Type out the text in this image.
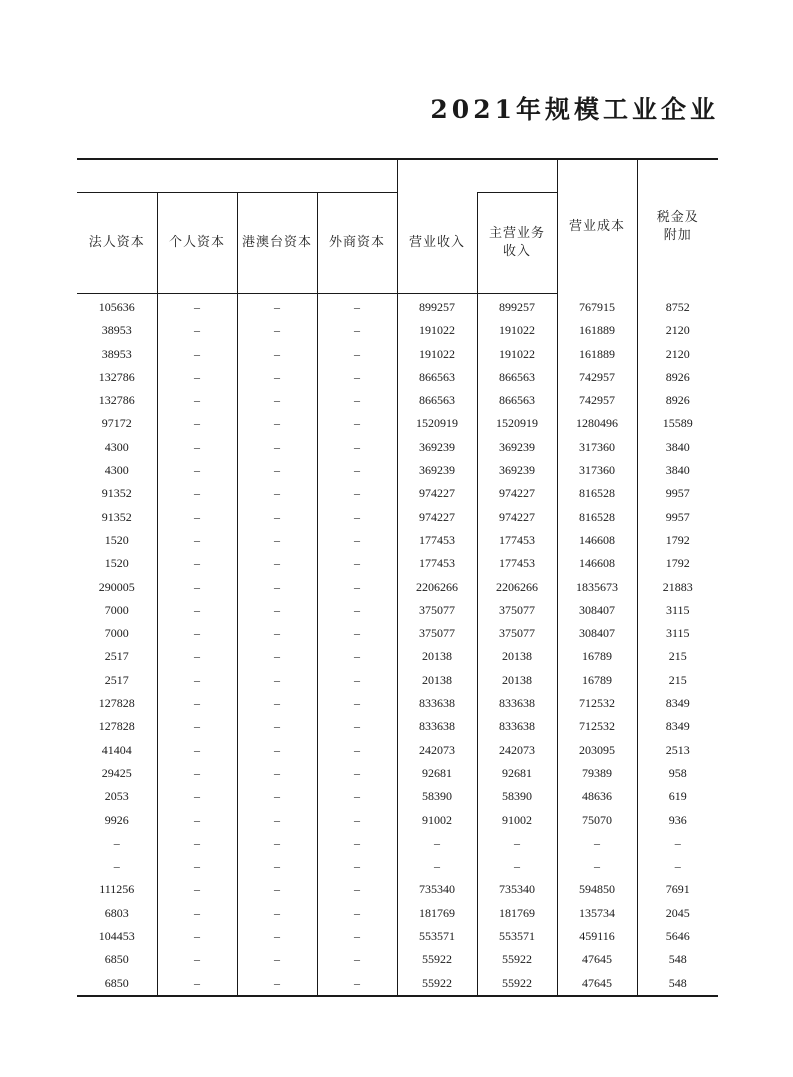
2021年规模工业企业
						营业成本	税金及
附加
法人资本	个人资本	港澳台资本	外商资本	营业收入	主营业务
收入		
105636	–	–	–	899257	899257	767915	8752
38953	–	–	–	191022	191022	161889	2120
38953	–	–	–	191022	191022	161889	2120
132786	–	–	–	866563	866563	742957	8926
132786	–	–	–	866563	866563	742957	8926
97172	–	–	–	1520919	1520919	1280496	15589
4300	–	–	–	369239	369239	317360	3840
4300	–	–	–	369239	369239	317360	3840
91352	–	–	–	974227	974227	816528	9957
91352	–	–	–	974227	974227	816528	9957
1520	–	–	–	177453	177453	146608	1792
1520	–	–	–	177453	177453	146608	1792
290005	–	–	–	2206266	2206266	1835673	21883
7000	–	–	–	375077	375077	308407	3115
7000	–	–	–	375077	375077	308407	3115
2517	–	–	–	20138	20138	16789	215
2517	–	–	–	20138	20138	16789	215
127828	–	–	–	833638	833638	712532	8349
127828	–	–	–	833638	833638	712532	8349
41404	–	–	–	242073	242073	203095	2513
29425	–	–	–	92681	92681	79389	958
2053	–	–	–	58390	58390	48636	619
9926	–	–	–	91002	91002	75070	936
–	–	–	–	–	–	–	–
–	–	–	–	–	–	–	–
111256	–	–	–	735340	735340	594850	7691
6803	–	–	–	181769	181769	135734	2045
104453	–	–	–	553571	553571	459116	5646
6850	–	–	–	55922	55922	47645	548
6850	–	–	–	55922	55922	47645	548
